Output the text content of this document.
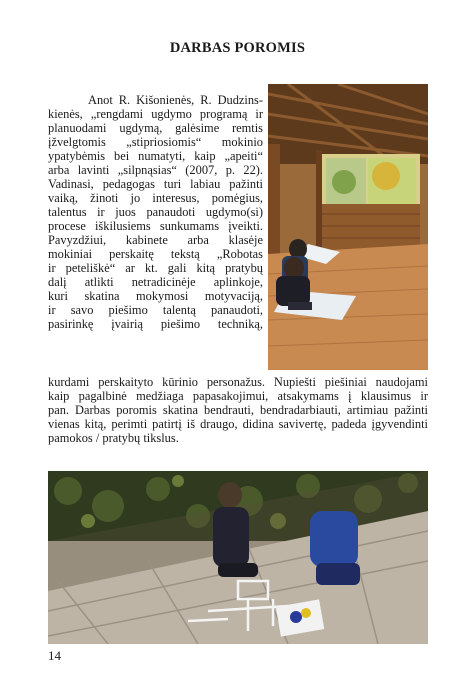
DARBAS POROMIS
Anot R. Kišonienės, R. Dudzins-
kienės, „rengdami ugdymo programą ir
planuodami ugdymą, galėsime remtis
įžvelgtomis „stipriosiomis“ mokinio
ypatybėmis bei numatyti, kaip „apeiti“
arba lavinti „silpnąsias“ (2007, p. 22).
Vadinasi, pedagogas turi labiau pažinti
vaiką, žinoti jo interesus, pomėgius,
talentus ir juos panaudoti ugdymo(si)
procese iškilusiems sunkumams įveikti.
Pavyzdžiui, kabinete arba klasėje
mokiniai perskaitę tekstą „Robotas
ir peteliškė“ ar kt. gali kitą pratybų
dalį atlikti netradicinėje aplinkoje,
kuri skatina mokymosi motyvaciją,
ir savo piešimo talentą panaudoti,
pasirinkę įvairią piešimo techniką,
kurdami perskaityto kūrinio personažus. Nupiešti piešiniai naudojami
kaip pagalbinė medžiaga papasakojimui, atsakymams į klausimus ir
pan. Darbas poromis skatina bendrauti, bendradarbiauti, artimiau pažinti
vienas kitą, perimti patirtį iš draugo, didina savivertę, padeda įgyvendinti
pamokos / pratybų tikslus.
14
